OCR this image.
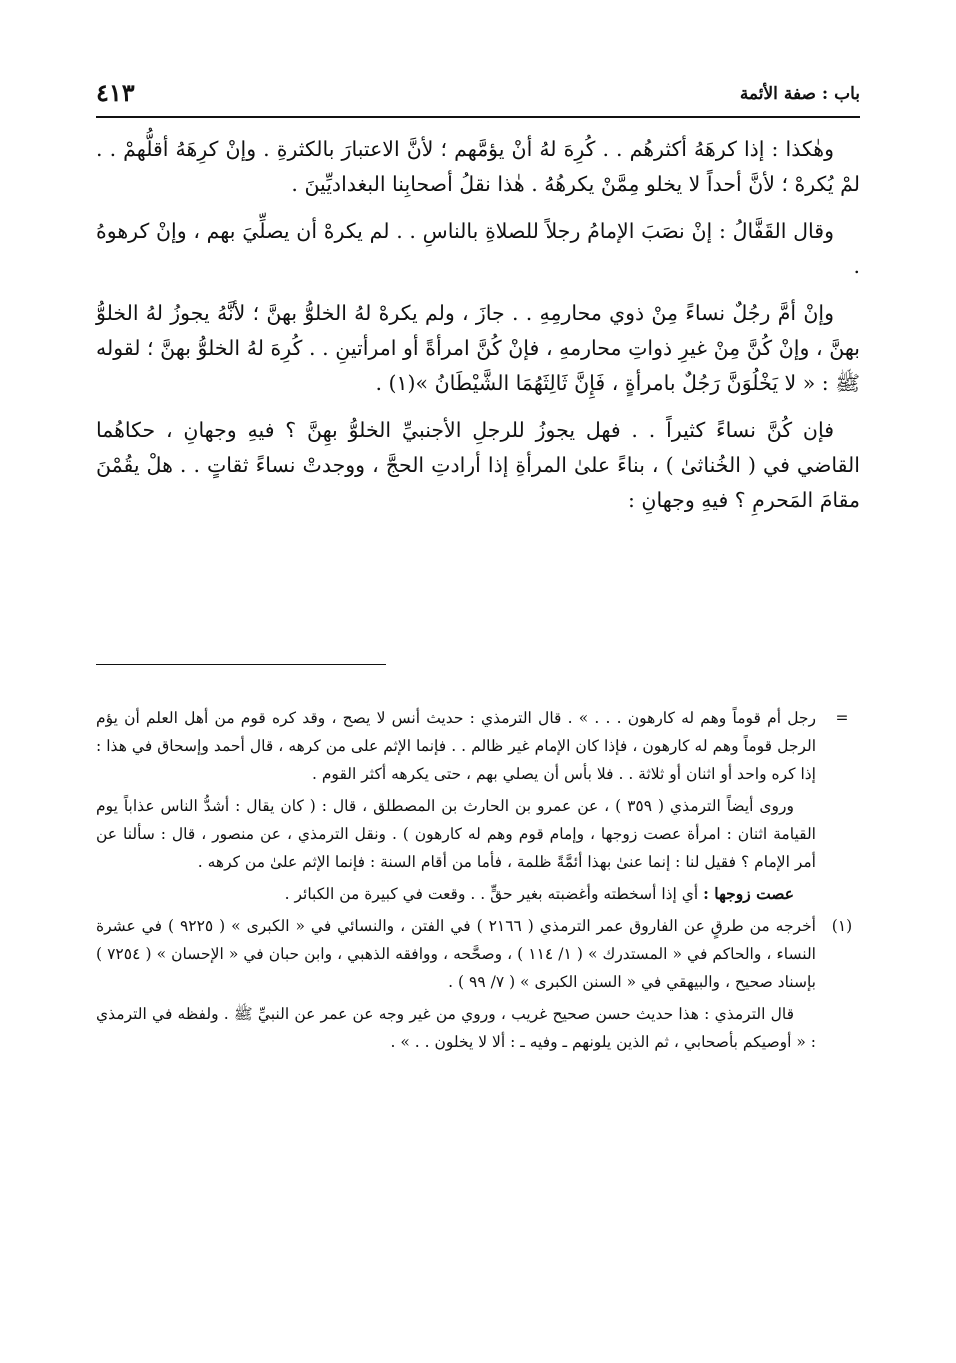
باب : صفة الأئمة
٤١٣

وهٰكذا : إذا كرهَهُ أكثرهُم . . كُرِهَ لهُ أنْ يؤمَّهم ؛ لأنَّ الاعتبارَ بالكثرةِ . وإنْ كرِهَهُ أقلُّهمْ . . لمْ يُكرهْ ؛ لأنَّ أحداً لا يخلو مِمَّنْ يكرهُهُ . هٰذا نقلُ أصحابِنا البغداديِّينَ .

وقال القَفَّالُ : إنْ نصَبَ الإمامُ رجلاً للصلاةِ بالناسِ . . لم يكرهْ أن يصلِّيَ بهم ، وإنْ كرهوهُ .

وإنْ أمَّ رجُلٌ نساءً مِنْ ذوي محارمِهِ . . جازَ ، ولم يكرهْ لهُ الخلوُّ بهنَّ ؛ لأنَّهُ يجوزُ لهُ الخلوُّ بهنَّ ، وإنْ كُنَّ مِنْ غيرِ ذواتِ محارمهِ ، فإنْ كُنَّ امرأةً أو امرأتينِ . . كُرِهَ لهُ الخلوُّ بهنَّ ؛ لقوله ﷺ : « لا يَخْلُوَنَّ رَجُلٌ بامرأةٍ ، فَإِنَّ ثَالِثَهُمَا الشَّيْطَانُ »(١) .

فإن كُنَّ نساءً كثيراً . . فهل يجوزُ للرجلِ الأجنبيِّ الخلوُّ بهِنَّ ؟ فيهِ وجهانِ ، حكاهُما القاضي في ( الخُناثىٰ ) ، بناءً علىٰ المرأةِ إذا أرادتِ الحجَّ ، ووجدتْ نساءً ثقاتٍ . . هلْ يقُمْنَ مقامَ المَحرمِ ؟ فيهِ وجهانِ :

=
رجل أم قوماً وهم له كارهون . . . » . قال الترمذي : حديث أنس لا يصح ، وقد كره قوم من أهل العلم أن يؤم الرجل قوماً وهم له كارهون ، فإذا كان الإمام غير ظالم . . فإنما الإثم على من كرهه ، قال أحمد وإسحاق في هذا : إذا كره واحد أو اثنان أو ثلاثة . . فلا بأس أن يصلي بهم ، حتى يكرهه أكثر القوم .
وروى أيضاً الترمذي ( ٣٥٩ ) ، عن عمرو بن الحارث بن المصطلق ، قال : ( كان يقال : أشدُّ الناس عذاباً يوم القيامة اثنان : امرأة عصت زوجها ، وإمام قوم وهم له كارهون ) . ونقل الترمذي ، عن منصور ، قال : سألنا عن أمر الإمام ؟ فقيل لنا : إنما عنىٰ بهذا أئمَّةً ظلمة ، فأما من أقام السنة : فإنما الإثم علىٰ من كرهه .
عصت زوجها : أي إذا أسخطته وأغضبته بغير حقٍّ . . وقعت في كبيرة من الكبائر .
(١)
أخرجه من طرقٍ عن الفاروق عمر الترمذي ( ٢١٦٦ ) في الفتن ، والنسائي في « الكبرى » ( ٩٢٢٥ ) في عشرة النساء ، والحاكم في « المستدرك » ( ١/ ١١٤ ) ، وصحَّحه ، ووافقه الذهبي ، وابن حبان في « الإحسان » ( ٧٢٥٤ ) بإسناد صحيح ، والبيهقي في « السنن الكبرى » ( ٧/ ٩٩ ) .
قال الترمذي : هذا حديث حسن صحيح غريب ، وروي من غير وجه عن عمر عن النبيِّ ﷺ . ولفظه في الترمذي : « أوصيكم بأصحابي ، ثم الذين يلونهم ـ وفيه ـ : ألا لا يخلون . . » .
